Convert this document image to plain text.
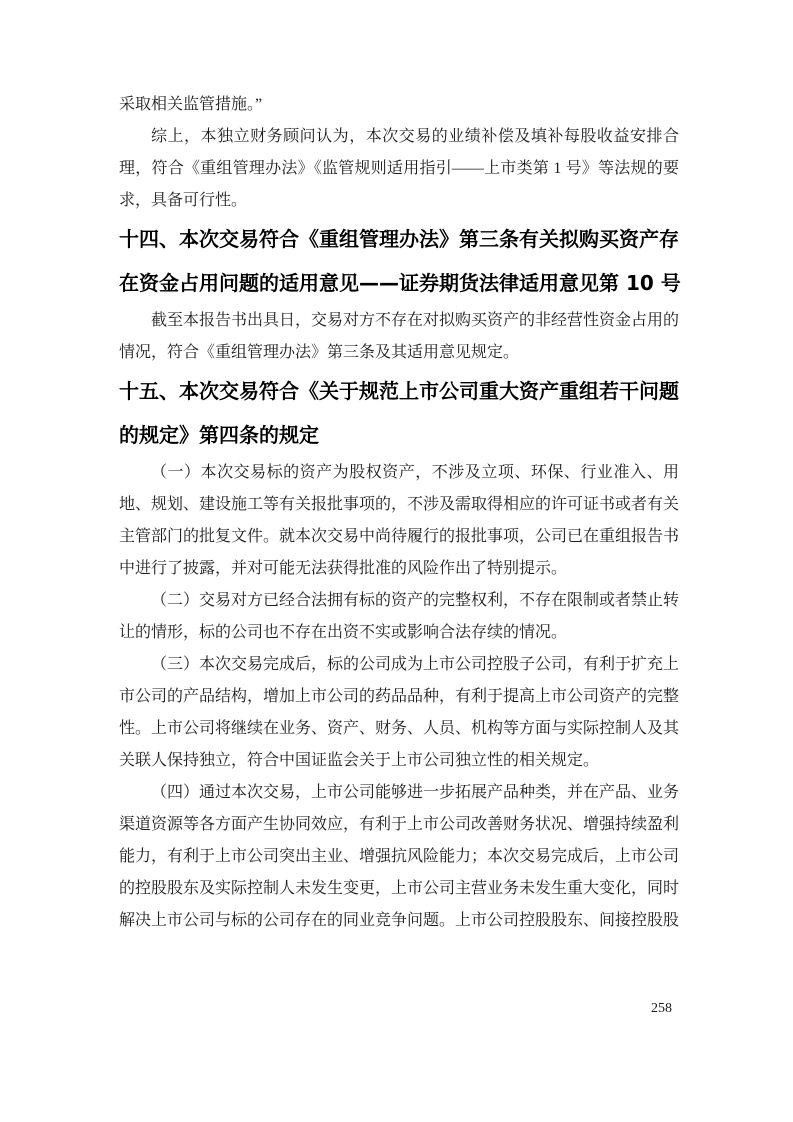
采取相关监管措施。”

综上，本独立财务顾问认为，本次交易的业绩补偿及填补每股收益安排合理，符合《重组管理办法》《监管规则适用指引——上市类第 1 号》等法规的要求，具备可行性。

十四、本次交易符合《重组管理办法》第三条有关拟购买资产存
在资金占用问题的适用意见——证券期货法律适用意见第 10 号

截至本报告书出具日，交易对方不存在对拟购买资产的非经营性资金占用的情况，符合《重组管理办法》第三条及其适用意见规定。

十五、本次交易符合《关于规范上市公司重大资产重组若干问题
的规定》第四条的规定

（一）本次交易标的资产为股权资产，不涉及立项、环保、行业准入、用地、规划、建设施工等有关报批事项的，不涉及需取得相应的许可证书或者有关主管部门的批复文件。就本次交易中尚待履行的报批事项，公司已在重组报告书中进行了披露，并对可能无法获得批准的风险作出了特别提示。

（二）交易对方已经合法拥有标的资产的完整权利，不存在限制或者禁止转让的情形，标的公司也不存在出资不实或影响合法存续的情况。

（三）本次交易完成后，标的公司成为上市公司控股子公司，有利于扩充上市公司的产品结构，增加上市公司的药品品种，有利于提高上市公司资产的完整性。上市公司将继续在业务、资产、财务、人员、机构等方面与实际控制人及其关联人保持独立，符合中国证监会关于上市公司独立性的相关规定。

（四）通过本次交易，上市公司能够进一步拓展产品种类，并在产品、业务渠道资源等各方面产生协同效应，有利于上市公司改善财务状况、增强持续盈利能力，有利于上市公司突出主业、增强抗风险能力；本次交易完成后，上市公司的控股股东及实际控制人未发生变更，上市公司主营业务未发生重大变化，同时解决上市公司与标的公司存在的同业竞争问题。上市公司控股股东、间接控股股

258
